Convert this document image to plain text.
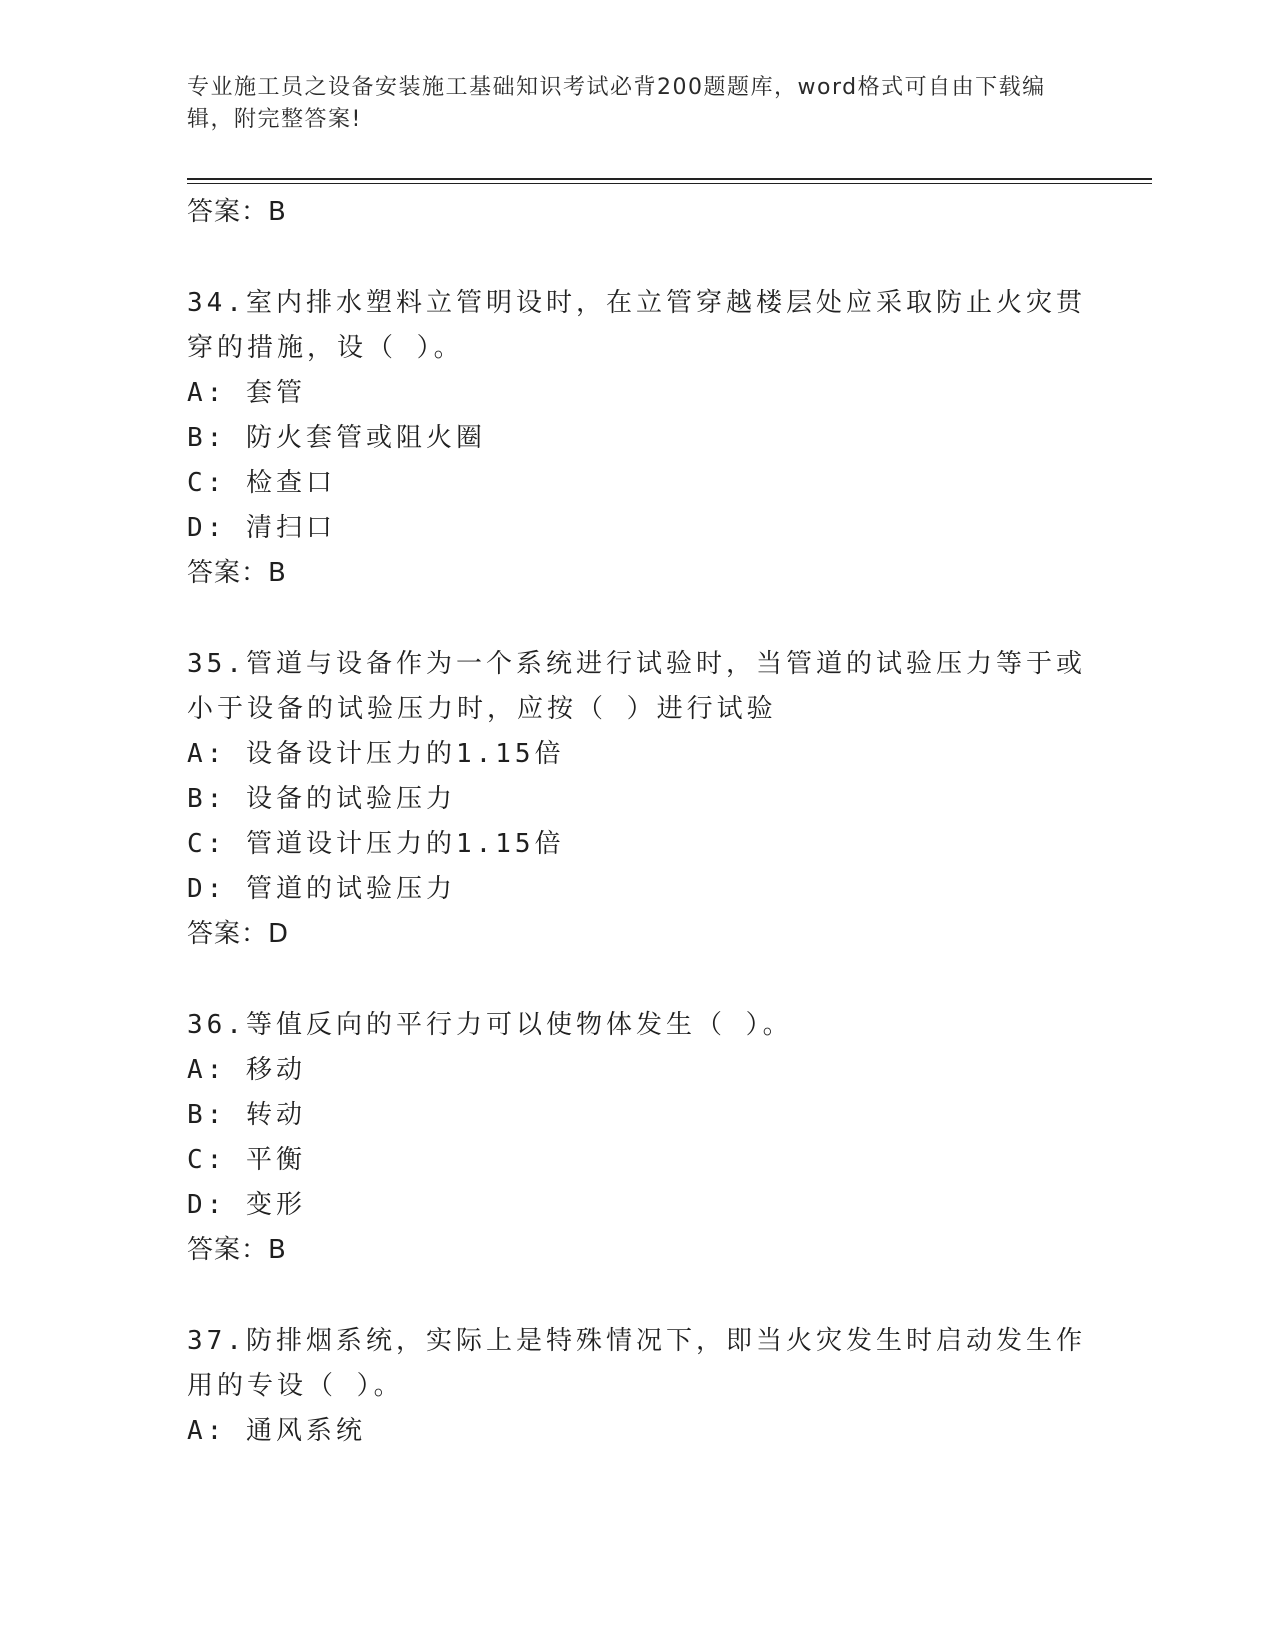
专业施工员之设备安装施工基础知识考试必背200题题库，word格式可自由下载编辑，附完整答案!
答案：B
34.室内排水塑料立管明设时，在立管穿越楼层处应采取防止火灾贯穿的措施，设（ ）。
A: 套管
B: 防火套管或阻火圈
C: 检查口
D: 清扫口
答案：B
35.管道与设备作为一个系统进行试验时，当管道的试验压力等于或小于设备的试验压力时，应按（ ）进行试验
A: 设备设计压力的1.15倍
B: 设备的试验压力
C: 管道设计压力的1.15倍
D: 管道的试验压力
答案：D
36.等值反向的平行力可以使物体发生（ ）。
A: 移动
B: 转动
C: 平衡
D: 变形
答案：B
37.防排烟系统，实际上是特殊情况下，即当火灾发生时启动发生作用的专设（ ）。
A: 通风系统
